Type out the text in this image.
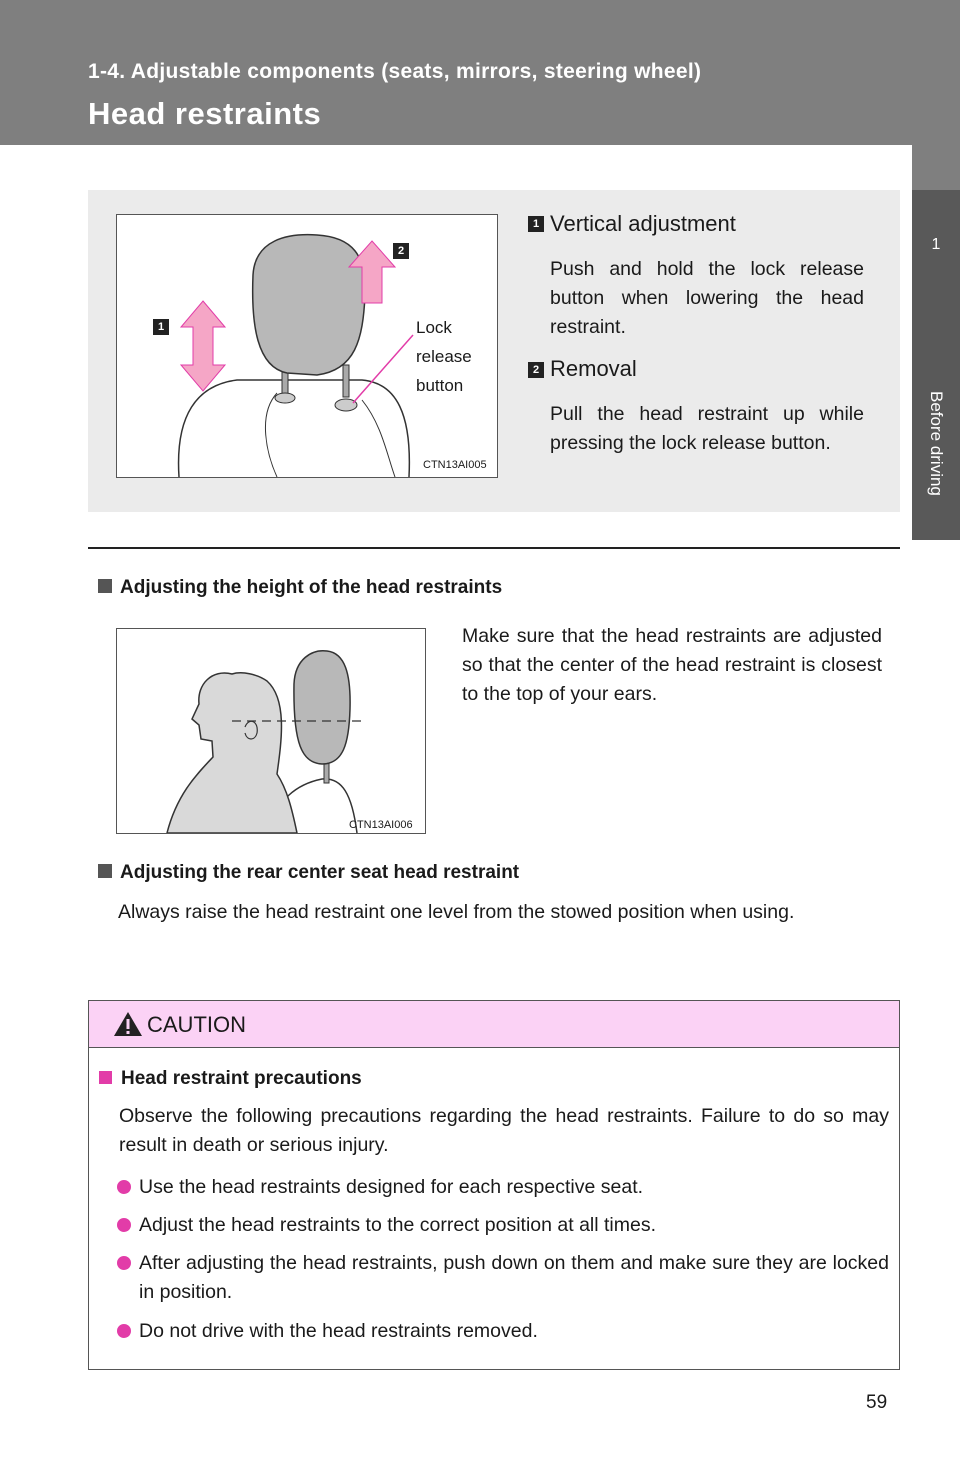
1-4. Adjustable components (seats, mirrors, steering wheel)
Head restraints
1
Before driving
2
1	Lock
release
button
CTN13AI005
1 Vertical adjustment
Push and hold the lock release button when lowering the head restraint.
2 Removal
Pull the head restraint up while pressing the lock release button.
Adjusting the height of the head restraints
CTN13AI006
Make sure that the head restraints are adjusted so that the center of the head restraint is closest to the top of your ears.
Adjusting the rear center seat head restraint
Always raise the head restraint one level from the stowed position when using.
CAUTION
Head restraint precautions
Observe the following precautions regarding the head restraints. Failure to do so may result in death or serious injury.
Use the head restraints designed for each respective seat.
Adjust the head restraints to the correct position at all times.
After adjusting the head restraints, push down on them and make sure they are locked in position.
Do not drive with the head restraints removed.
59
